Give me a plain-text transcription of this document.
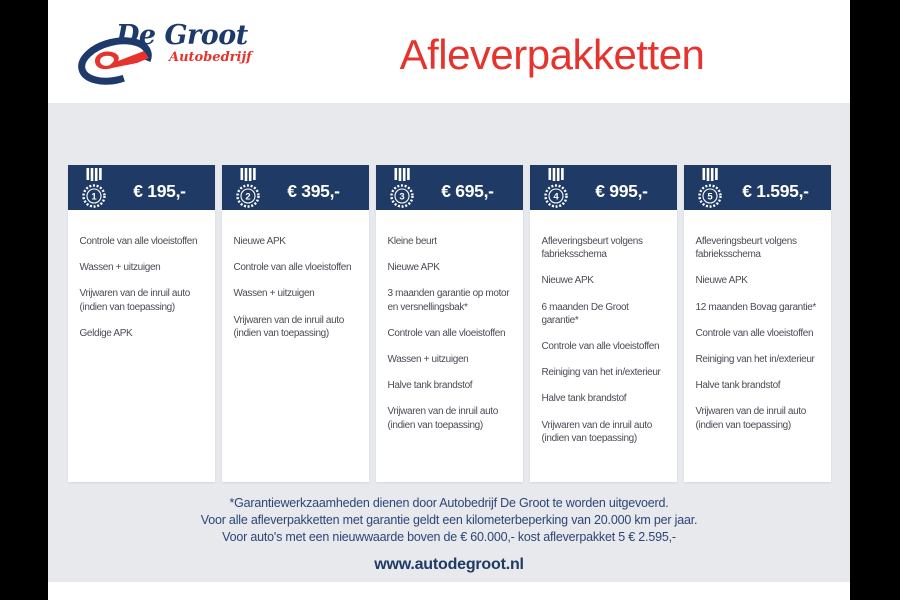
De Groot
Autobedrijf	Afleverpakketten
1	€ 195,-
Controle van alle vloeistoffen
Wassen + uitzuigen
Vrijwaren van de inruil auto (indien van toepassing)
Geldige APK
2	€ 395,-
Nieuwe APK
Controle van alle vloeistoffen
Wassen + uitzuigen
Vrijwaren van de inruil auto (indien van toepassing)
3	€ 695,-
Kleine beurt
Nieuwe APK
3 maanden garantie op motor en versnellingsbak*
Controle van alle vloeistoffen
Wassen + uitzuigen
Halve tank brandstof
Vrijwaren van de inruil auto (indien van toepassing)
4	€ 995,-
Afleveringsbeurt volgens fabrieksschema
Nieuwe APK
6 maanden De Groot garantie*
Controle van alle vloeistoffen
Reiniging van het in/exterieur
Halve tank brandstof
Vrijwaren van de inruil auto (indien van toepassing)
5	€ 1.595,-
Afleveringsbeurt volgens fabrieksschema
Nieuwe APK
12 maanden Bovag garantie*
Controle van alle vloeistoffen
Reiniging van het in/exterieur
Halve tank brandstof
Vrijwaren van de inruil auto (indien van toepassing)
*Garantiewerkzaamheden dienen door Autobedrijf De Groot te worden uitgevoerd.
Voor alle afleverpakketten met garantie geldt een kilometerbeperking van 20.000 km per jaar.
Voor auto's met een nieuwwaarde boven de € 60.000,- kost afleverpakket 5 € 2.595,-
www.autodegroot.nl
